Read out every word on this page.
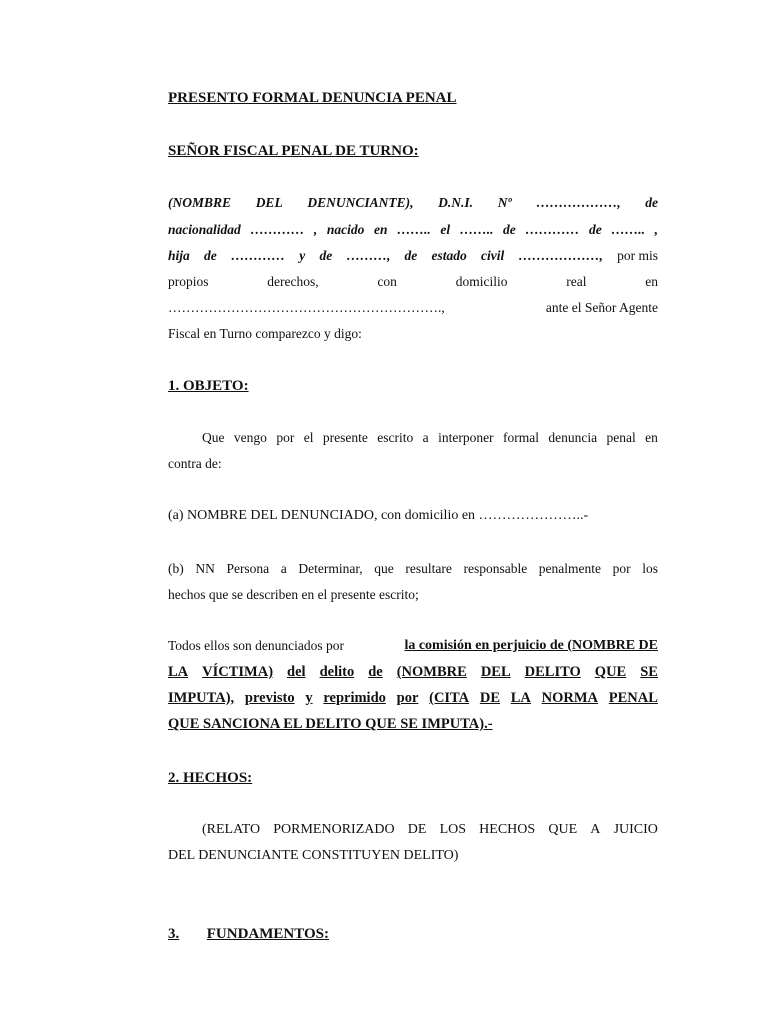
PRESENTO FORMAL DENUNCIA PENAL
SEÑOR FISCAL PENAL DE TURNO:
(NOMBRE DEL DENUNCIANTE), D.N.I. Nº ………………, de
nacionalidad ………… , nacido en …….. el …….. de ………… de …….. ,
hija de ………… y de ………, de estado civil ………………, por mis
propios	derechos,	con	domicilio	real	en
…………………………………………………….,	ante el Señor Agente
Fiscal en Turno comparezco y digo:
1. OBJETO:
Que vengo por el presente escrito a interponer formal denuncia penal en
contra de:
(a) NOMBRE DEL DENUNCIADO, con domicilio en …………………..-
(b) NN Persona a Determinar, que resultare responsable penalmente por los
hechos que se describen en el presente escrito;
Todos ellos son denunciados por	la comisión en perjuicio de (NOMBRE DE
LA VÍCTIMA) del delito de (NOMBRE DEL DELITO QUE SE
IMPUTA), previsto y reprimido por (CITA DE LA NORMA PENAL
QUE SANCIONA EL DELITO QUE SE IMPUTA).-
2. HECHOS:
(RELATO PORMENORIZADO DE LOS HECHOS QUE A JUICIO
DEL DENUNCIANTE CONSTITUYEN DELITO)
3. FUNDAMENTOS:
